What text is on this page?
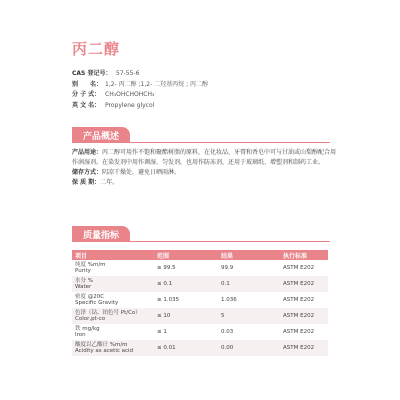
丙二醇
CAS 登记号： 57-55-6
别　　名： 1,2- 丙二醇 ;1,2- 二羟基丙烷 ; 丙二醇
分 子 式： CH₃OHCHOHCH₃
英 文 名： Propylene glycol
产品概述
产品用途：丙二醇可用作不饱和聚酯树脂的原料，在化妆品、牙膏和香皂中可与甘油或山梨醇配合用作润湿剂。在染发剂中用作调湿、匀发剂，也用作防冻剂，还用于玻璃纸、增塑剂和制药工业。
储存方式：阴凉干燥处，避免日晒雨淋。
保 质 期：二年。
质量指标
项目	范围	结果	执行标准

纯度 %m/m
Purity	≥ 99.5	99.9	ASTM E202

水分 %
Water	≤ 0.1	0.1	ASTM E202

密度 @20C
Specific Gravity	≥ 1.035	1.036	ASTM E202

色泽（钴、铂色号 Pt/Co）
Color,pt-co	≤ 10	5	ASTM E202

铁 mg/kg
Iron	≤ 1	0.03	ASTM E202

酸度以乙酸计 %m/m
Acidity as acetic acid	≤ 0.01	0.00	ASTM E202
